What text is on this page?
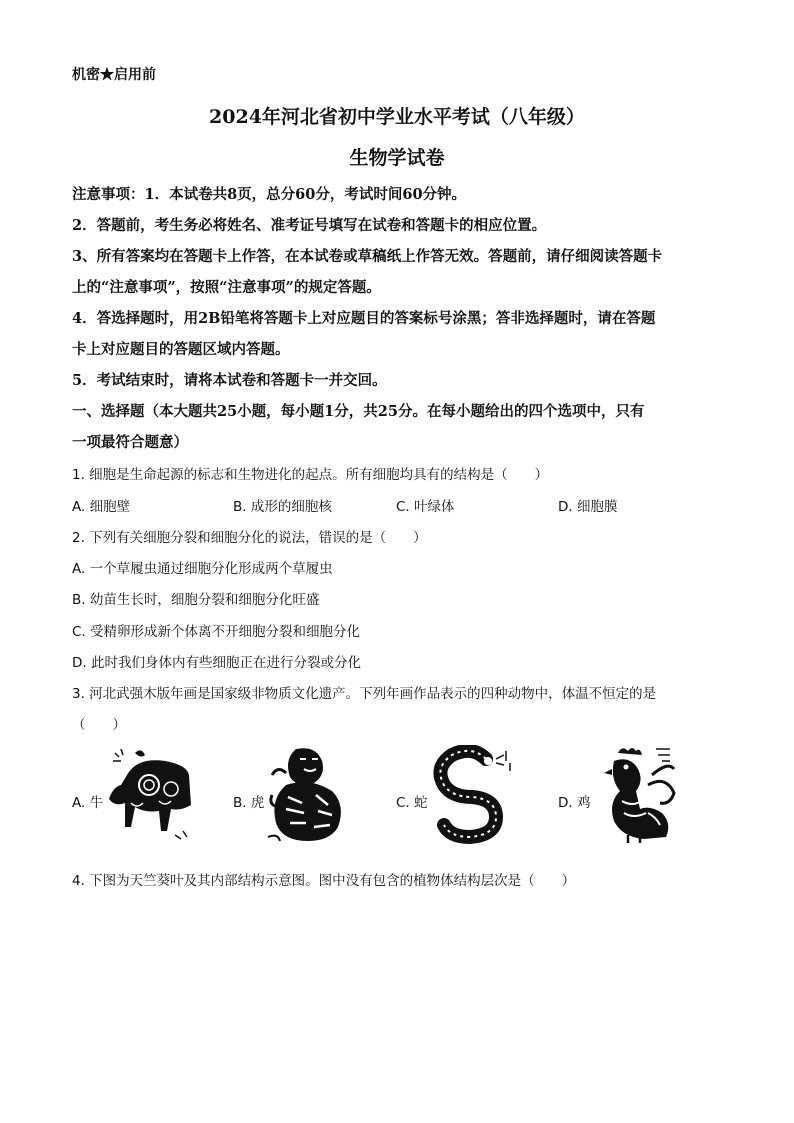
机密★启用前
2024年河北省初中学业水平考试（八年级）
生物学试卷
注意事项：1．本试卷共8页，总分60分，考试时间60分钟。
2．答题前，考生务必将姓名、准考证号填写在试卷和答题卡的相应位置。
3、所有答案均在答题卡上作答，在本试卷或草稿纸上作答无效。答题前，请仔细阅读答题卡
上的“注意事项”，按照“注意事项”的规定答题。
4．答选择题时，用2B铅笔将答题卡上对应题目的答案标号涂黑；答非选择题时，请在答题
卡上对应题目的答题区域内答题。
5．考试结束时，请将本试卷和答题卡一并交回。
一、选择题（本大题共25小题，每小题1分，共25分。在每小题给出的四个选项中，只有
一项最符合题意）
1. 细胞是生命起源的标志和生物进化的起点。所有细胞均具有的结构是（　　）
A. 细胞壁	B. 成形的细胞核	C. 叶绿体	D. 细胞膜
2. 下列有关细胞分裂和细胞分化的说法，错误的是（　　）
A. 一个草履虫通过细胞分化形成两个草履虫
B. 幼苗生长时，细胞分裂和细胞分化旺盛
C. 受精卵形成新个体离不开细胞分裂和细胞分化
D. 此时我们身体内有些细胞正在进行分裂或分化
3. 河北武强木版年画是国家级非物质文化遗产。下列年画作品表示的四种动物中，体温不恒定的是
（　　）
A. 牛	B. 虎	C. 蛇	D. 鸡
4. 下图为天竺葵叶及其内部结构示意图。图中没有包含的植物体结构层次是（　　）
